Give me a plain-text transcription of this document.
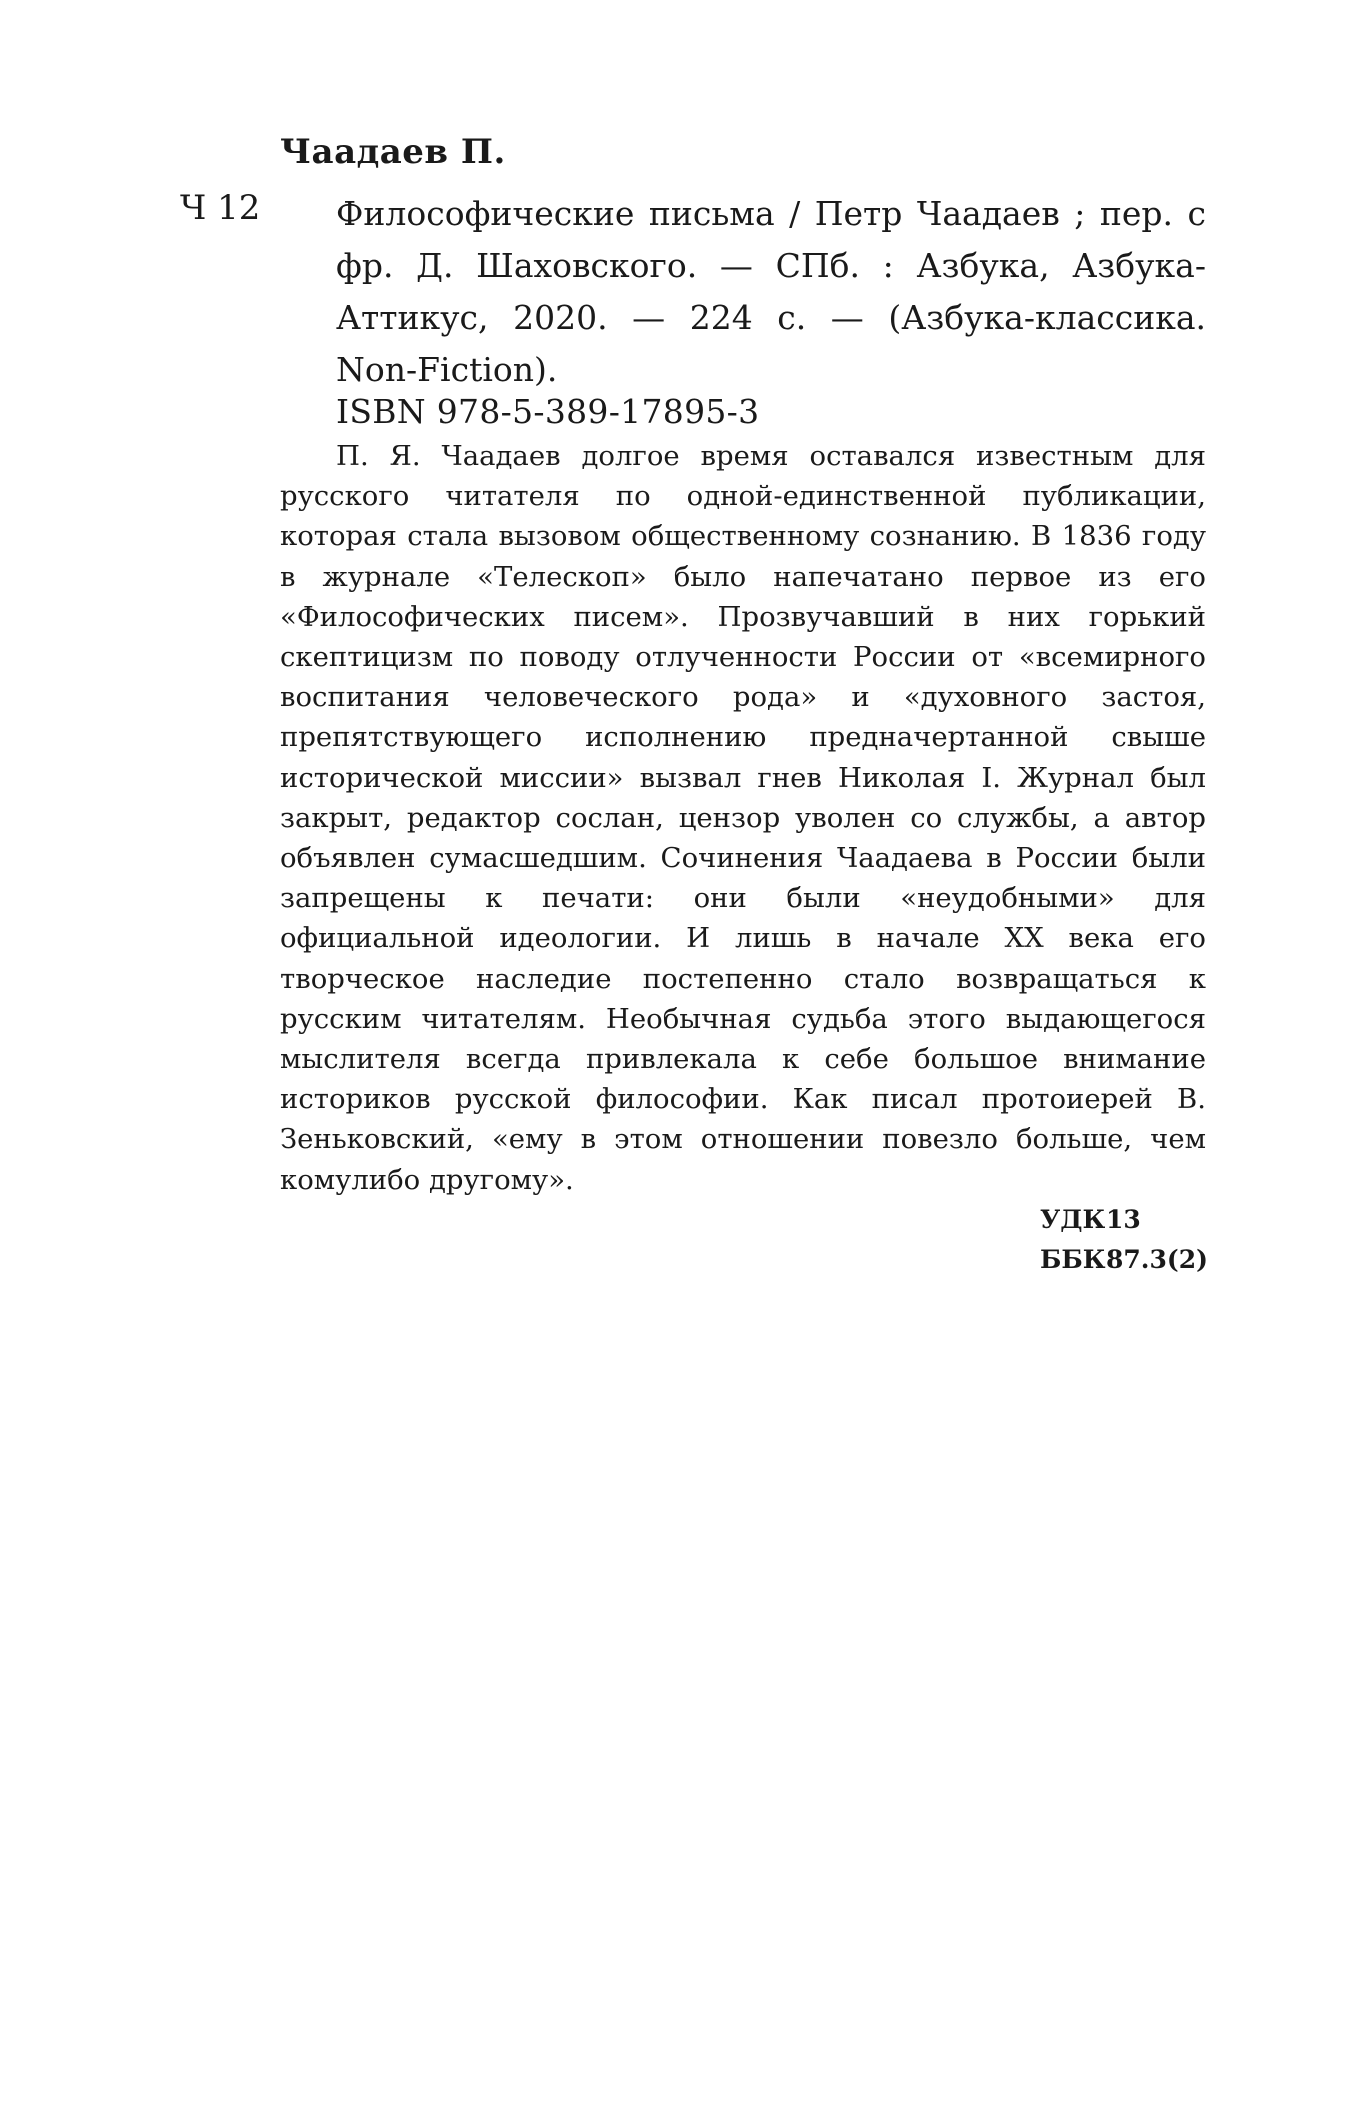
Чаадаев П.
Ч 12	Философические письма / Петр Чаадаев ; пер. с фр. Д. Шаховского. — СПб. : Азбука, Азбука-Аттикус, 2020. — 224 с. — (Азбука-классика. Non-Fiction).
ISBN 978-5-389-17895-3
П. Я. Чаадаев долгое время оставался известным для русского читателя по одной-единственной публикации, которая стала вызовом общественному сознанию. В 1836 году в журнале «Телескоп» было напечатано первое из его «Философических писем». Прозвучавший в них горький скептицизм по поводу отлученности России от «всемирного воспитания человеческого рода» и «духовного застоя, препятствующего исполнению предначертанной свыше исторической миссии» вызвал гнев Николая I. Журнал был закрыт, редактор сослан, цензор уволен со службы, а автор объявлен сумасшедшим. Сочинения Чаадаева в России были запрещены к печати: они были «неудобными» для официальной идеологии. И лишь в начале XX века его творческое наследие постепенно стало возвращаться к русским читателям. Необычная судьба этого выдающегося мыслителя всегда привлекала к себе большое внимание историков русской философии. Как писал протоиерей В. Зеньковский, «ему в этом отношении повезло больше, чем комулибо другому».
УДК13
ББК87.3(2)
